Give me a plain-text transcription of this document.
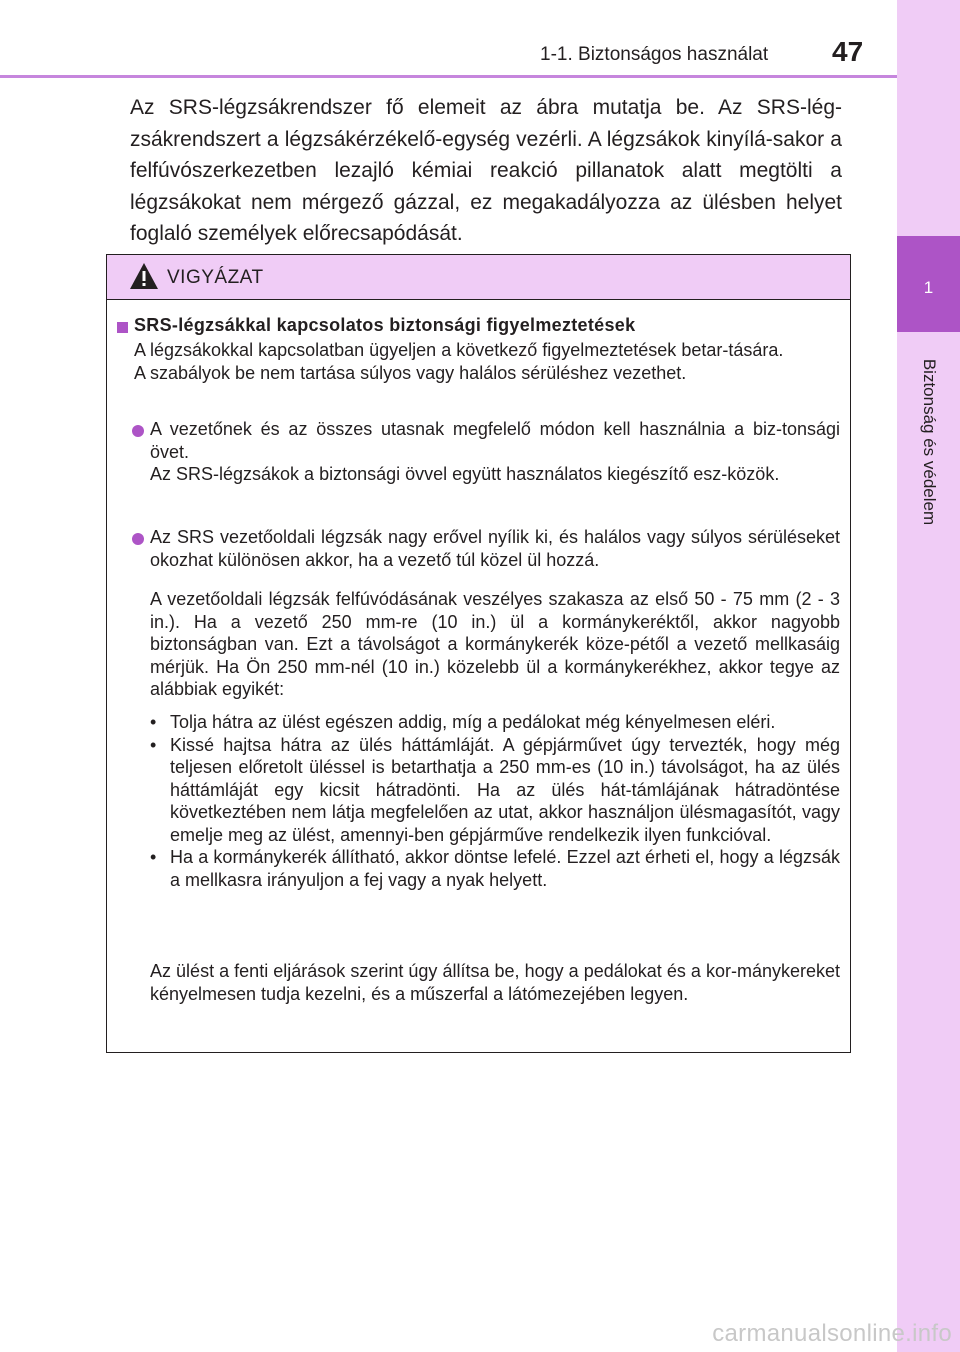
1
Biztonság és védelem
1-1. Biztonságos használat 47
Az SRS-légzsákrendszer fő elemeit az ábra mutatja be. Az SRS-lég-zsákrendszert a légzsákérzékelő-egység vezérli. A légzsákok kinyílá-sakor a felfúvószerkezetben lezajló kémiai reakció pillanatok alatt megtölti a légzsákokat nem mérgező gázzal, ez megakadályozza az ülésben helyet foglaló személyek előrecsapódását.
VIGYÁZAT
SRS-légzsákkal kapcsolatos biztonsági figyelmeztetések
A légzsákokkal kapcsolatban ügyeljen a következő figyelmeztetések betar-tására.
A szabályok be nem tartása súlyos vagy halálos sérüléshez vezethet.
A vezetőnek és az összes utasnak megfelelő módon kell használnia a biz-tonsági övet.
Az SRS-légzsákok a biztonsági övvel együtt használatos kiegészítő esz-közök.
Az SRS vezetőoldali légzsák nagy erővel nyílik ki, és halálos vagy súlyos sérüléseket okozhat különösen akkor, ha a vezető túl közel ül hozzá.
A vezetőoldali légzsák felfúvódásának veszélyes szakasza az első 50 - 75 mm (2 - 3 in.). Ha a vezető 250 mm-re (10 in.) ül a kormánykeréktől, akkor nagyobb biztonságban van. Ezt a távolságot a kormánykerék köze-pétől a vezető mellkasáig mérjük. Ha Ön 250 mm-nél (10 in.) közelebb ül a kormánykerékhez, akkor tegye az alábbiak egyikét:
• Tolja hátra az ülést egészen addig, míg a pedálokat még kényelmesen eléri.
• Kissé hajtsa hátra az ülés háttámláját. A gépjárművet úgy tervezték, hogy még teljesen előretolt üléssel is betarthatja a 250 mm-es (10 in.) távolságot, ha az ülés háttámláját egy kicsit hátradönti. Ha az ülés hát-támlájának hátradöntése következtében nem látja megfelelően az utat, akkor használjon ülésmagasítót, vagy emelje meg az ülést, amennyi-ben gépjárműve rendelkezik ilyen funkcióval.
• Ha a kormánykerék állítható, akkor döntse lefelé. Ezzel azt érheti el, hogy a légzsák a mellkasra irányuljon a fej vagy a nyak helyett.
Az ülést a fenti eljárások szerint úgy állítsa be, hogy a pedálokat és a kor-mánykereket kényelmesen tudja kezelni, és a műszerfal a látómezejében legyen.
carmanualsonline.info
